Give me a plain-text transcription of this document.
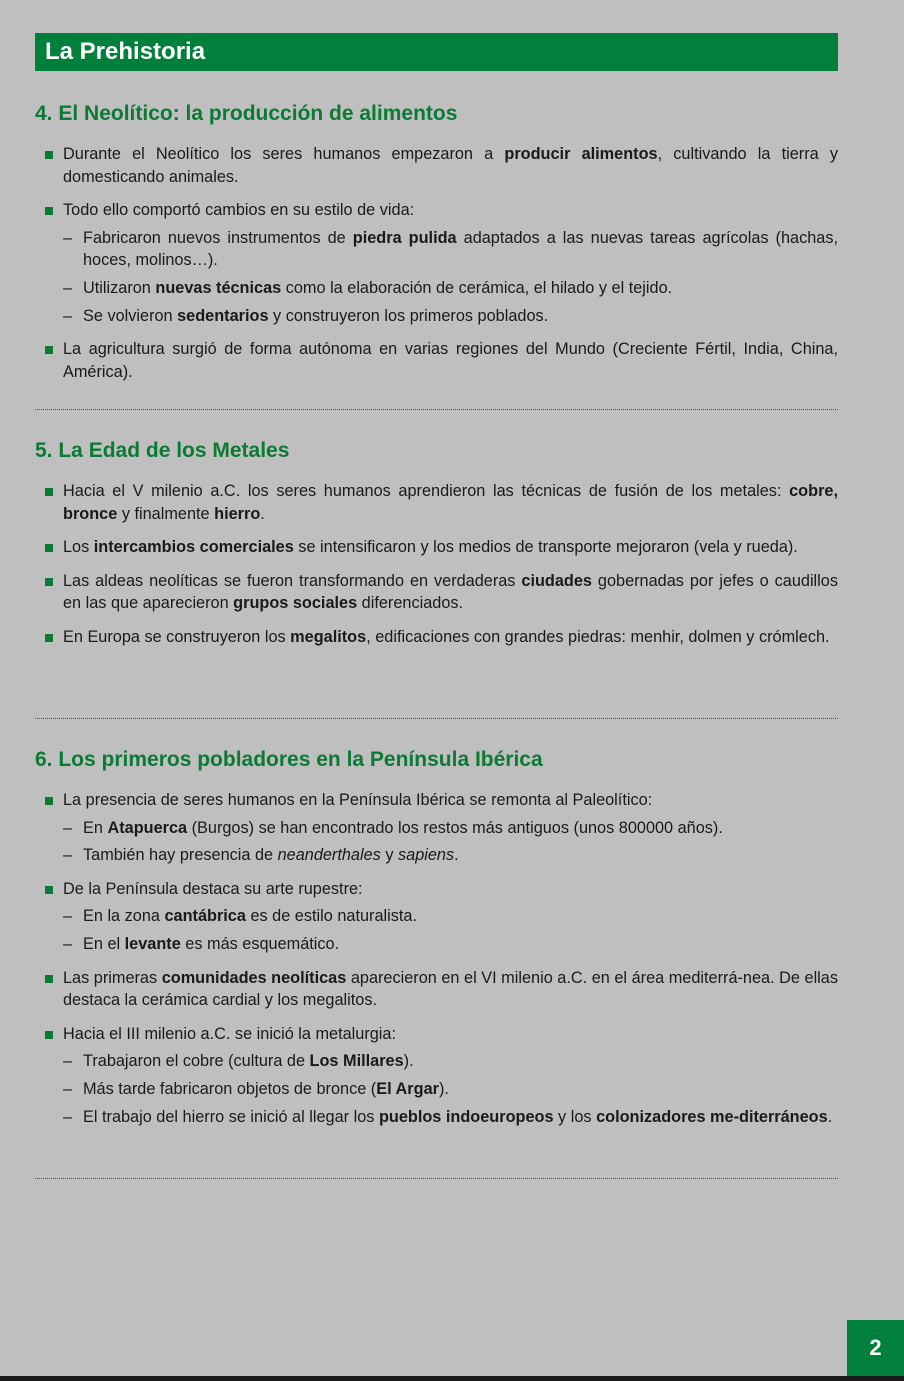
La Prehistoria
4. El Neolítico: la producción de alimentos
Durante el Neolítico los seres humanos empezaron a producir alimentos, cultivando la tierra y domesticando animales.
Todo ello comportó cambios en su estilo de vida:
– Fabricaron nuevos instrumentos de piedra pulida adaptados a las nuevas tareas agrícolas (hachas, hoces, molinos…).
– Utilizaron nuevas técnicas como la elaboración de cerámica, el hilado y el tejido.
– Se volvieron sedentarios y construyeron los primeros poblados.
La agricultura surgió de forma autónoma en varias regiones del Mundo (Creciente Fértil, India, China, América).
5. La Edad de los Metales
Hacia el V milenio a.C. los seres humanos aprendieron las técnicas de fusión de los metales: cobre, bronce y finalmente hierro.
Los intercambios comerciales se intensificaron y los medios de transporte mejoraron (vela y rueda).
Las aldeas neolíticas se fueron transformando en verdaderas ciudades gobernadas por jefes o caudillos en las que aparecieron grupos sociales diferenciados.
En Europa se construyeron los megalitos, edificaciones con grandes piedras: menhir, dolmen y crómlech.
6. Los primeros pobladores en la Península Ibérica
La presencia de seres humanos en la Península Ibérica se remonta al Paleolítico:
– En Atapuerca (Burgos) se han encontrado los restos más antiguos (unos 800000 años).
– También hay presencia de neanderthales y sapiens.
De la Península destaca su arte rupestre:
– En la zona cantábrica es de estilo naturalista.
– En el levante es más esquemático.
Las primeras comunidades neolíticas aparecieron en el VI milenio a.C. en el área mediterrá-nea. De ellas destaca la cerámica cardial y los megalitos.
Hacia el III milenio a.C. se inició la metalurgia:
– Trabajaron el cobre (cultura de Los Millares).
– Más tarde fabricaron objetos de bronce (El Argar).
– El trabajo del hierro se inició al llegar los pueblos indoeuropeos y los colonizadores me-diterráneos.
2
